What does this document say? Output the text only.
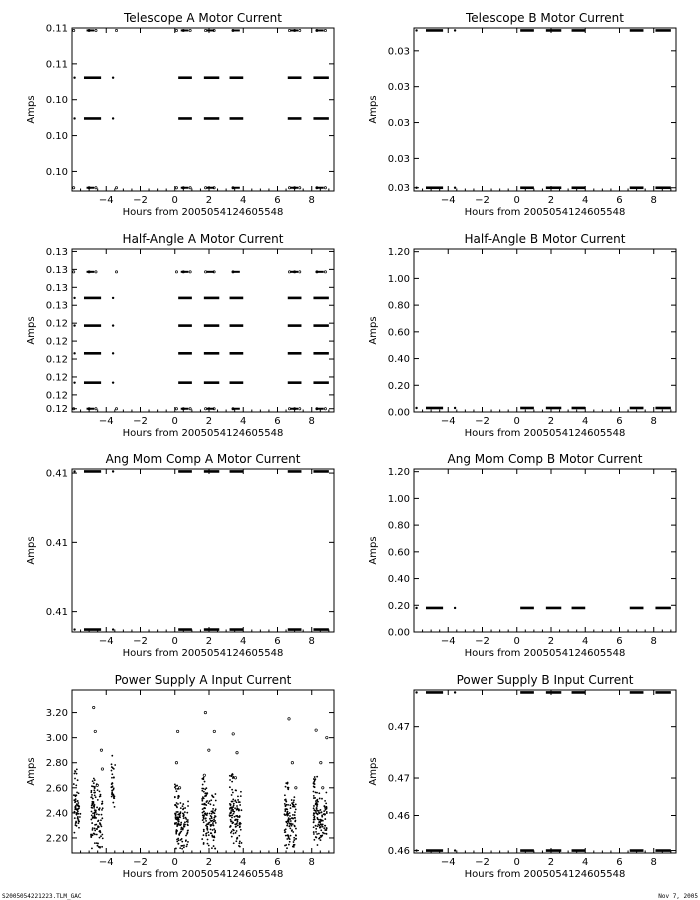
Telescope A Motor Current
Hours from 2005054124605548
Amps
−4 −2 0	2	4	6	8
0.11
0.11
0.10
0.10
0.10
Telescope B Motor Current
Hours from 2005054124605548
Amps
−4 −2 0	2	4	6	8
0.03
0.03
0.03
0.03
0.03
Half-Angle A Motor Current
Hours from 2005054124605548
Amps
−4 −2 0	2	4	6	8
0.13
0.13
0.13
0.13
0.12
0.12
0.12
0.12
0.12
0.12
Half-Angle B Motor Current
Hours from 2005054124605548
Amps
−4 −2 0	2	4	6	8
0.00
0.20
0.40
0.60
0.80
1.00
1.20
Ang Mom Comp A Motor Current
Hours from 2005054124605548
Amps
−4 −2 0	2	4	6	8
0.41
0.41
0.41
Ang Mom Comp B Motor Current
Hours from 2005054124605548
Amps
−4 −2 0	2	4	6	8
0.00
0.20
0.40
0.60
0.80
1.00
1.20
Power Supply A Input Current
Hours from 2005054124605548
Amps
−4 −2 0	2	4	6	8
2.20
2.40
2.60
2.80
3.00
3.20
Power Supply B Input Current
Hours from 2005054124605548
Amps
−4 −2 0	2	4	6	8
0.47
0.47
0.46
0.46
S2005054221223.TLM_GAC	Nov 7, 2005
